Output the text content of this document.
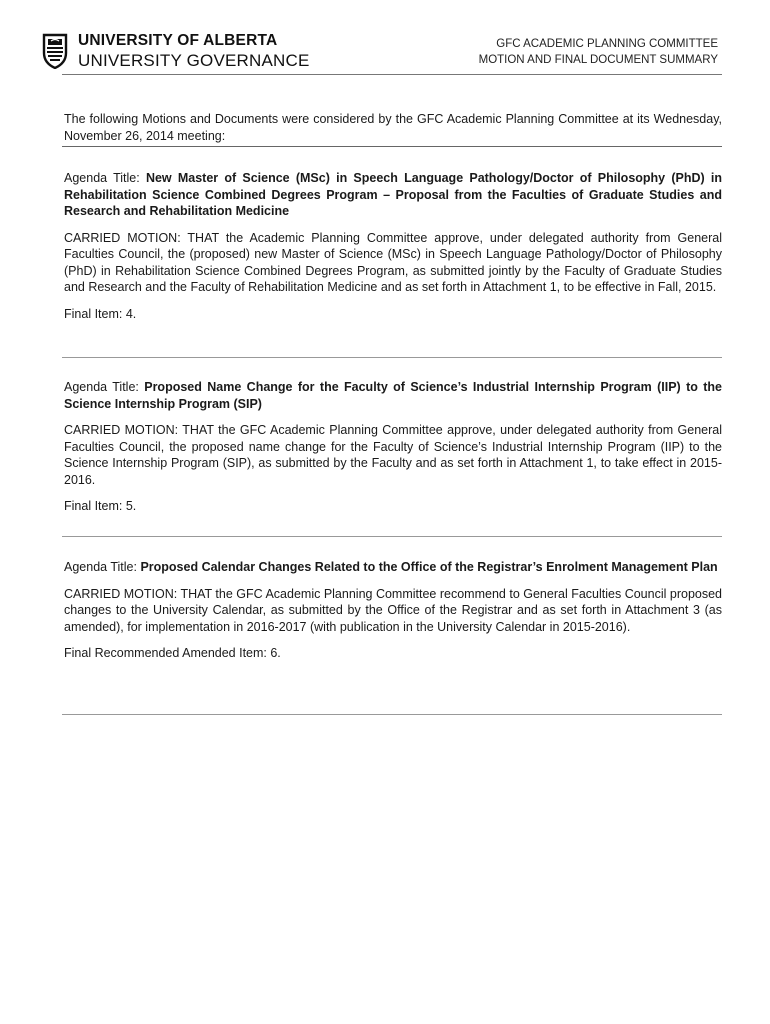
UNIVERSITY OF ALBERTA
UNIVERSITY GOVERNANCE
GFC ACADEMIC PLANNING COMMITTEE
MOTION AND FINAL DOCUMENT SUMMARY

The following Motions and Documents were considered by the GFC Academic Planning Committee at its Wednesday, November 26, 2014 meeting:

Agenda Title: New Master of Science (MSc) in Speech Language Pathology/Doctor of Philosophy (PhD) in Rehabilitation Science Combined Degrees Program – Proposal from the Faculties of Graduate Studies and Research and Rehabilitation Medicine

CARRIED MOTION: THAT the Academic Planning Committee approve, under delegated authority from General Faculties Council, the (proposed) new Master of Science (MSc) in Speech Language Pathology/Doctor of Philosophy (PhD) in Rehabilitation Science Combined Degrees Program, as submitted jointly by the Faculty of Graduate Studies and Research and the Faculty of Rehabilitation Medicine and as set forth in Attachment 1, to be effective in Fall, 2015.

Final Item: 4.

Agenda Title: Proposed Name Change for the Faculty of Science’s Industrial Internship Program (IIP) to the Science Internship Program (SIP)

CARRIED MOTION: THAT the GFC Academic Planning Committee approve, under delegated authority from General Faculties Council, the proposed name change for the Faculty of Science’s Industrial Internship Program (IIP) to the Science Internship Program (SIP), as submitted by the Faculty and as set forth in Attachment 1, to take effect in 2015-2016.

Final Item: 5.

Agenda Title: Proposed Calendar Changes Related to the Office of the Registrar’s Enrolment Management Plan

CARRIED MOTION: THAT the GFC Academic Planning Committee recommend to General Faculties Council proposed changes to the University Calendar, as submitted by the Office of the Registrar and as set forth in Attachment 3 (as amended), for implementation in 2016-2017 (with publication in the University Calendar in 2015-2016).

Final Recommended Amended Item: 6.
